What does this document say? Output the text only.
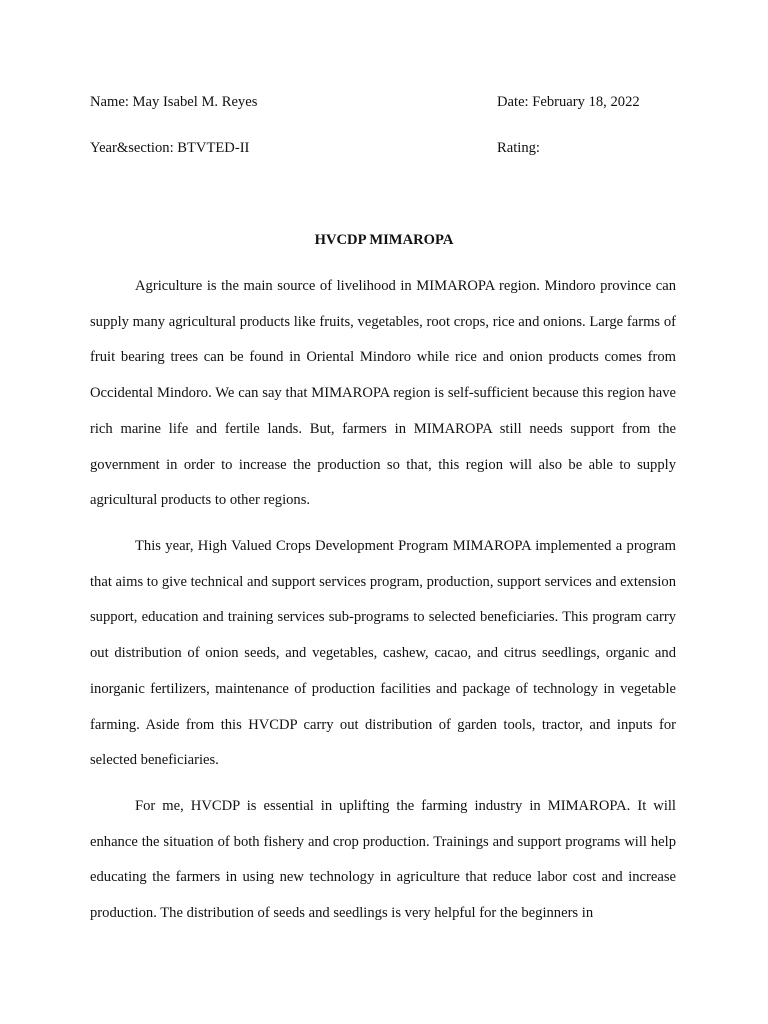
Name: May Isabel M. Reyes	Date: February 18, 2022
Year&section: BTVTED-II	Rating:
HVCDP MIMAROPA

Agriculture is the main source of livelihood in MIMAROPA region. Mindoro province can supply many agricultural products like fruits, vegetables, root crops, rice and onions. Large farms of fruit bearing trees can be found in Oriental Mindoro while rice and onion products comes from Occidental Mindoro. We can say that MIMAROPA region is self-sufficient because this region have rich marine life and fertile lands. But, farmers in MIMAROPA still needs support from the government in order to increase the production so that, this region will also be able to supply agricultural products to other regions.

This year, High Valued Crops Development Program MIMAROPA implemented a program that aims to give technical and support services program, production, support services and extension support, education and training services sub-programs to selected beneficiaries. This program carry out distribution of onion seeds, and vegetables, cashew, cacao, and citrus seedlings, organic and inorganic fertilizers, maintenance of production facilities and package of technology in vegetable farming. Aside from this HVCDP carry out distribution of garden tools, tractor, and inputs for selected beneficiaries.

For me, HVCDP is essential in uplifting the farming industry in MIMAROPA. It will enhance the situation of both fishery and crop production. Trainings and support programs will help educating the farmers in using new technology in agriculture that reduce labor cost and increase production. The distribution of seeds and seedlings is very helpful for the beginners in
